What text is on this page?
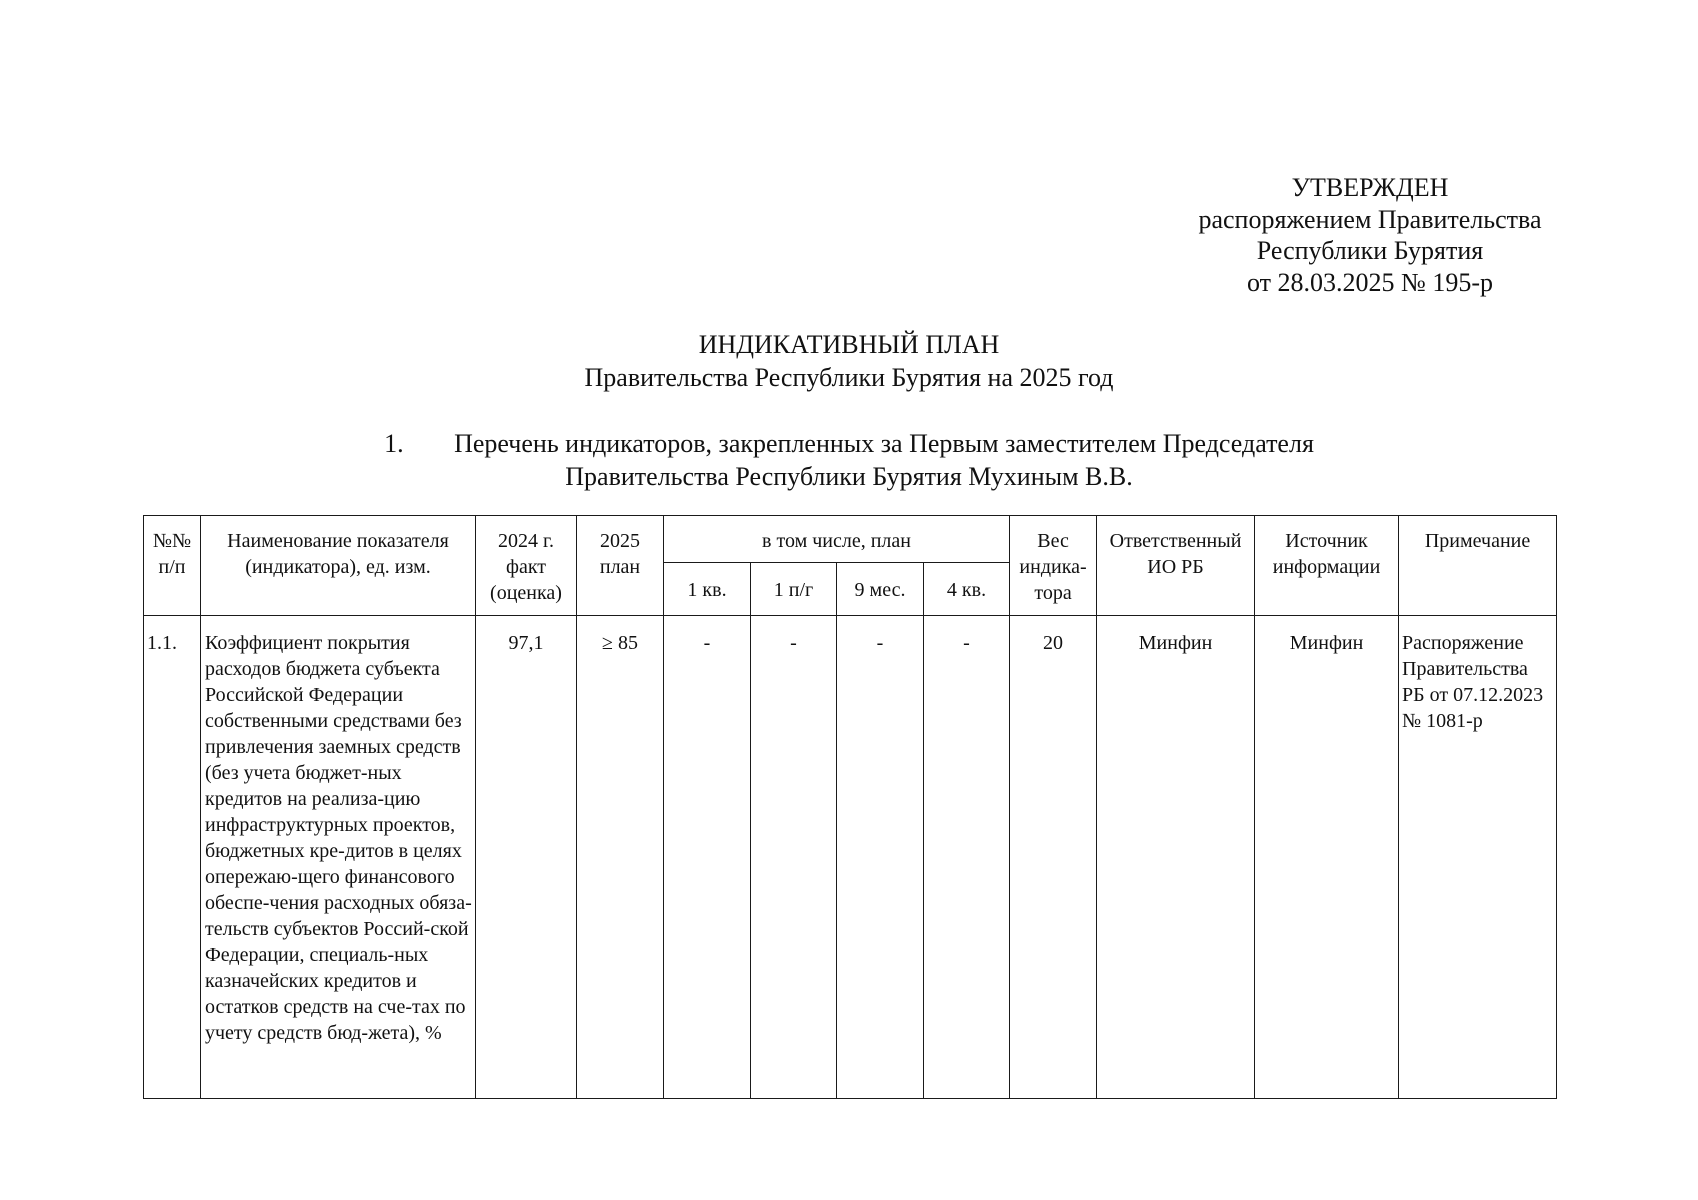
УТВЕРЖДЕН
распоряжением Правительства
Республики Бурятия
от 28.03.2025 № 195-р
ИНДИКАТИВНЫЙ ПЛАН
Правительства Республики Бурятия на 2025 год
1. Перечень индикаторов, закрепленных за Первым заместителем Председателя
Правительства Республики Бурятия Мухиным В.В.
№№ п/п	Наименование показателя (индикатора), ед. изм.	2024 г. факт (оценка)	2025 план	в том числе, план				Вес индика-тора	Ответственный ИО РБ	Источник информации	Примечание
				1 кв.	1 п/г	9 мес.	4 кв.				
1.1.	Коэффициент покрытия расходов бюджета субъекта Российской Федерации собственными средствами без привлечения заемных средств (без учета бюджет-ных кредитов на реализа-цию инфраструктурных проектов, бюджетных кре-дитов в целях опережаю-щего финансового обеспе-чения расходных обяза-тельств субъектов Россий-ской Федерации, специаль-ных казначейских кредитов и остатков средств на сче-тах по учету средств бюд-жета), %	97,1	≥ 85	-	-	-	-	20	Минфин	Минфин	Распоряжение Правительства РБ от 07.12.2023 № 1081-р
